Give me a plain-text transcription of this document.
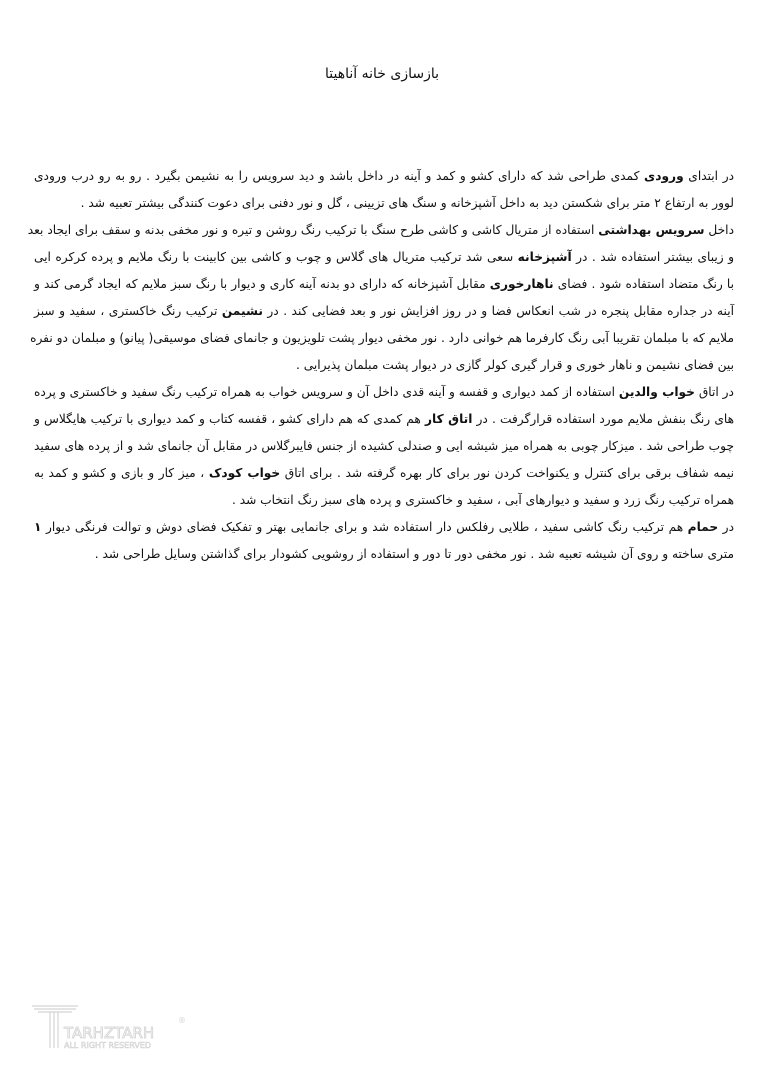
بازسازی خانه آناهیتا
در ابتدای ورودی کمدی طراحی شد که دارای کشو و کمد و آینه در داخل باشد و دید سرویس را به نشیمن بگیرد . رو به رو درب ورودی
لوور به ارتفاع ۲ متر برای شکستن دید به داخل آشپزخانه و سنگ های تزیینی ، گل و نور دفنی برای دعوت کنندگی بیشتر تعبیه شد .
داخل سرویس بهداشتی استفاده از متریال کاشی و کاشی طرح سنگ با ترکیب رنگ روشن و تیره و نور مخفی بدنه و سقف برای ایجاد بعد
و زیبای بیشتر استفاده شد . در آشپزخانه سعی شد ترکیب متریال های گلاس و چوب و کاشی بین کابینت با رنگ ملایم و پرده کرکره ایی
با رنگ متضاد استفاده شود . فضای ناهارخوری مقابل آشپزخانه که دارای دو بدنه آینه کاری و دیوار با رنگ سبز ملایم که ایجاد گرمی کند و
آینه در جداره مقابل پنجره در شب انعکاس فضا و در روز افزایش نور و بعد فضایی کند . در نشیمن ترکیب رنگ خاکستری ، سفید و سبز
ملایم که با مبلمان تقریبا آبی رنگ کارفرما هم خوانی دارد . نور مخفی دیوار پشت تلویزیون و جانمای فضای موسیقی( پیانو) و مبلمان دو نفره
بین فضای نشیمن و ناهار خوری و قرار گیری کولر گازی در دیوار پشت مبلمان پذیرایی .
در اتاق خواب والدین استفاده از کمد دیواری و قفسه و آینه قدی داخل آن و سرویس خواب به همراه ترکیب رنگ سفید و خاکستری و پرده
های رنگ بنفش ملایم مورد استفاده قرارگرفت . در اتاق کار هم کمدی که هم دارای کشو ، قفسه کتاب و کمد دیواری با ترکیب هایگلاس و
چوب طراحی شد . میزکار چوبی به همراه میز شیشه ایی و صندلی کشیده از جنس فایبرگلاس در مقابل آن جانمای شد و از پرده های سفید
نیمه شفاف برقی برای کنترل و یکنواخت کردن نور برای کار بهره گرفته شد . برای اتاق خواب کودک ، میز کار و بازی و کشو و کمد به
همراه ترکیب رنگ زرد و سفید و دیوارهای آبی ، سفید و خاکستری و پرده های سبز رنگ انتخاب شد .
در حمام هم ترکیب رنگ کاشی سفید ، طلایی رفلکس دار استفاده شد و برای جانمایی بهتر و تفکیک فضای دوش و توالت فرنگی دیوار ۱
متری ساخته و روی آن شیشه تعبیه شد . نور مخفی دور تا دور و استفاده از روشویی کشودار برای گذاشتن وسایل طراحی شد .
TARHZTARH
ALL RIGHT RESERVED
®
